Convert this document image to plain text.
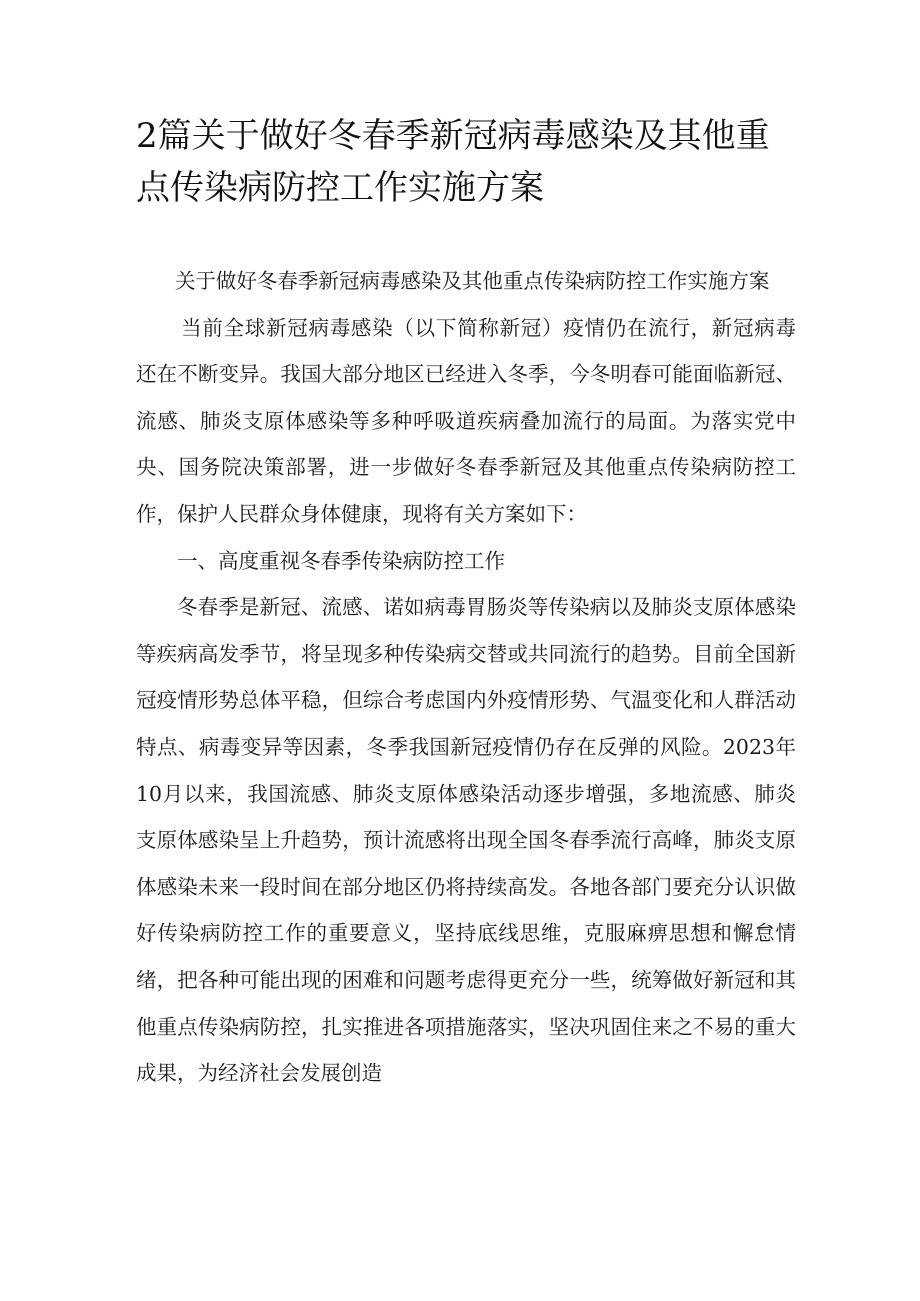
2篇关于做好冬春季新冠病毒感染及其他重点传染病防控工作实施方案

关于做好冬春季新冠病毒感染及其他重点传染病防控工作实施方案

当前全球新冠病毒感染（以下简称新冠）疫情仍在流行，新冠病毒还在不断变异。我国大部分地区已经进入冬季，今冬明春可能面临新冠、流感、肺炎支原体感染等多种呼吸道疾病叠加流行的局面。为落实党中央、国务院决策部署，进一步做好冬春季新冠及其他重点传染病防控工作，保护人民群众身体健康，现将有关方案如下：

一、高度重视冬春季传染病防控工作

冬春季是新冠、流感、诺如病毒胃肠炎等传染病以及肺炎支原体感染等疾病高发季节，将呈现多种传染病交替或共同流行的趋势。目前全国新冠疫情形势总体平稳，但综合考虑国内外疫情形势、气温变化和人群活动特点、病毒变异等因素，冬季我国新冠疫情仍存在反弹的风险。2023年10月以来，我国流感、肺炎支原体感染活动逐步增强，多地流感、肺炎支原体感染呈上升趋势，预计流感将出现全国冬春季流行高峰，肺炎支原体感染未来一段时间在部分地区仍将持续高发。各地各部门要充分认识做好传染病防控工作的重要意义，坚持底线思维，克服麻痹思想和懈怠情绪，把各种可能出现的困难和问题考虑得更充分一些，统筹做好新冠和其他重点传染病防控，扎实推进各项措施落实，坚决巩固住来之不易的重大成果，为经济社会发展创造
